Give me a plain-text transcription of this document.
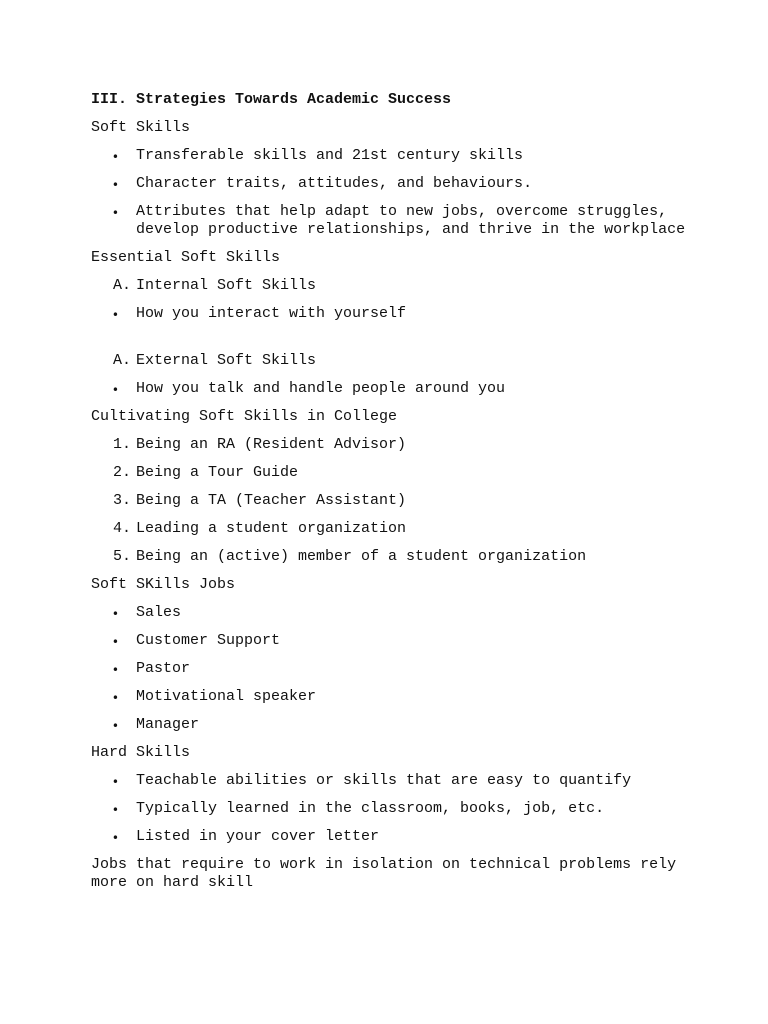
III. Strategies Towards Academic Success
Soft Skills
• Transferable skills and 21st century skills
• Character traits, attitudes, and behaviours.
• Attributes that help adapt to new jobs, overcome struggles, develop productive relationships, and thrive in the workplace
Essential Soft Skills
A. Internal Soft Skills
• How you interact with yourself
A. External Soft Skills
• How you talk and handle people around you
Cultivating Soft Skills in College
1. Being an RA (Resident Advisor)
2. Being a Tour Guide
3. Being a TA (Teacher Assistant)
4. Leading a student organization
5. Being an (active) member of a student organization
Soft SKills Jobs
• Sales
• Customer Support
• Pastor
• Motivational speaker
• Manager
Hard Skills
• Teachable abilities or skills that are easy to quantify
• Typically learned in the classroom, books, job, etc.
• Listed in your cover letter
Jobs that require to work in isolation on technical problems rely more on hard skill
